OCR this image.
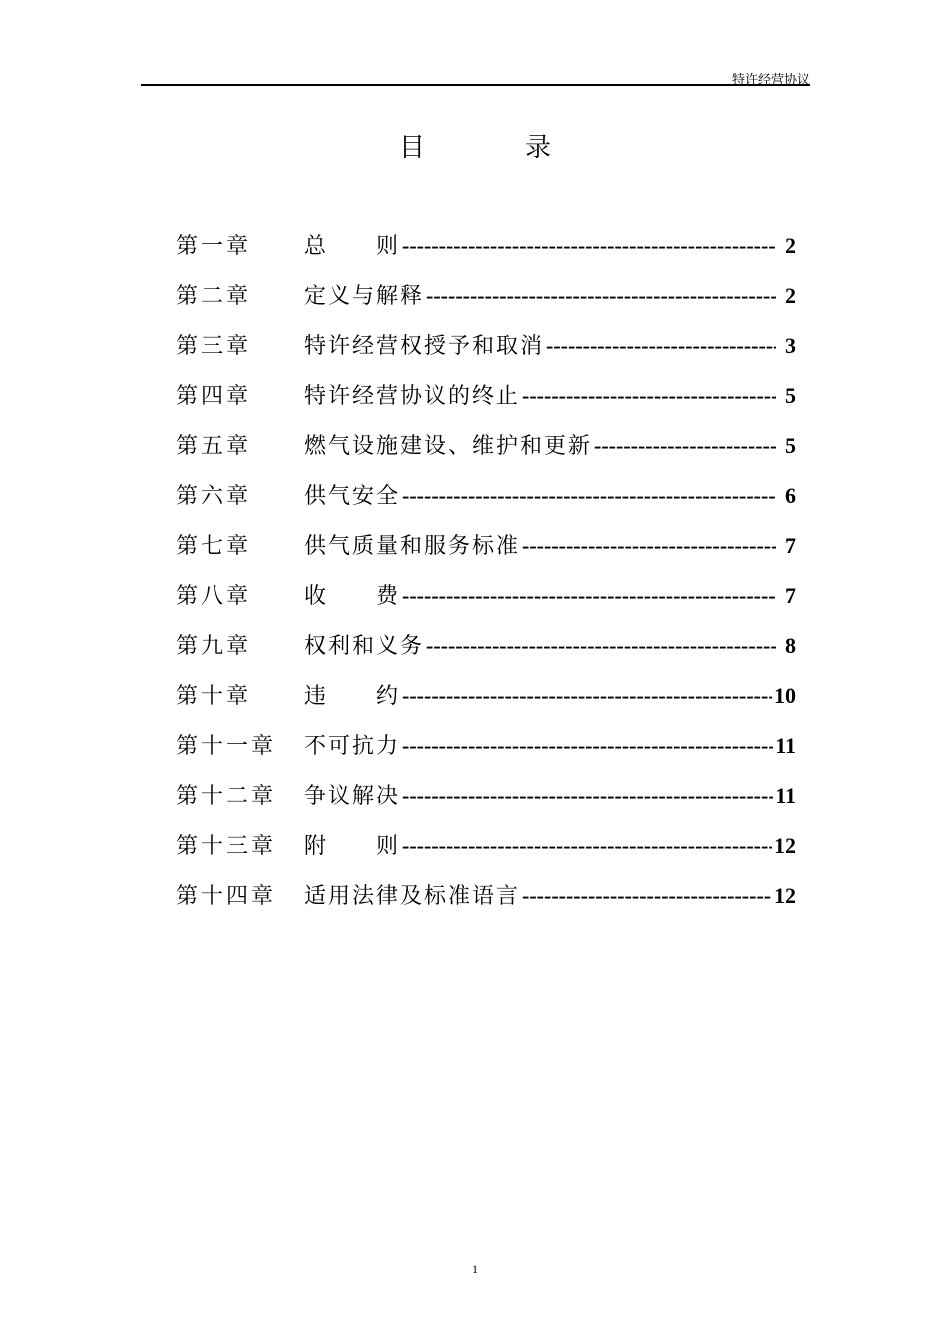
特许经营协议
目	录
第一章	总　　则 -----	2
第二章	定义与解释 -----	2
第三章	特许经营权授予和取消 -----	3
第四章	特许经营协议的终止 -----	5
第五章	燃气设施建设、维护和更新 -----	5
第六章	供气安全 -----	6
第七章	供气质量和服务标准 -----	7
第八章	收　　费 -----	7
第九章	权利和义务 -----	8
第十章	违　　约 -----	10
第十一章	不可抗力 -----	11
第十二章	争议解决 -----	11
第十三章	附　　则 -----	12
第十四章	适用法律及标准语言 -----	12
1
